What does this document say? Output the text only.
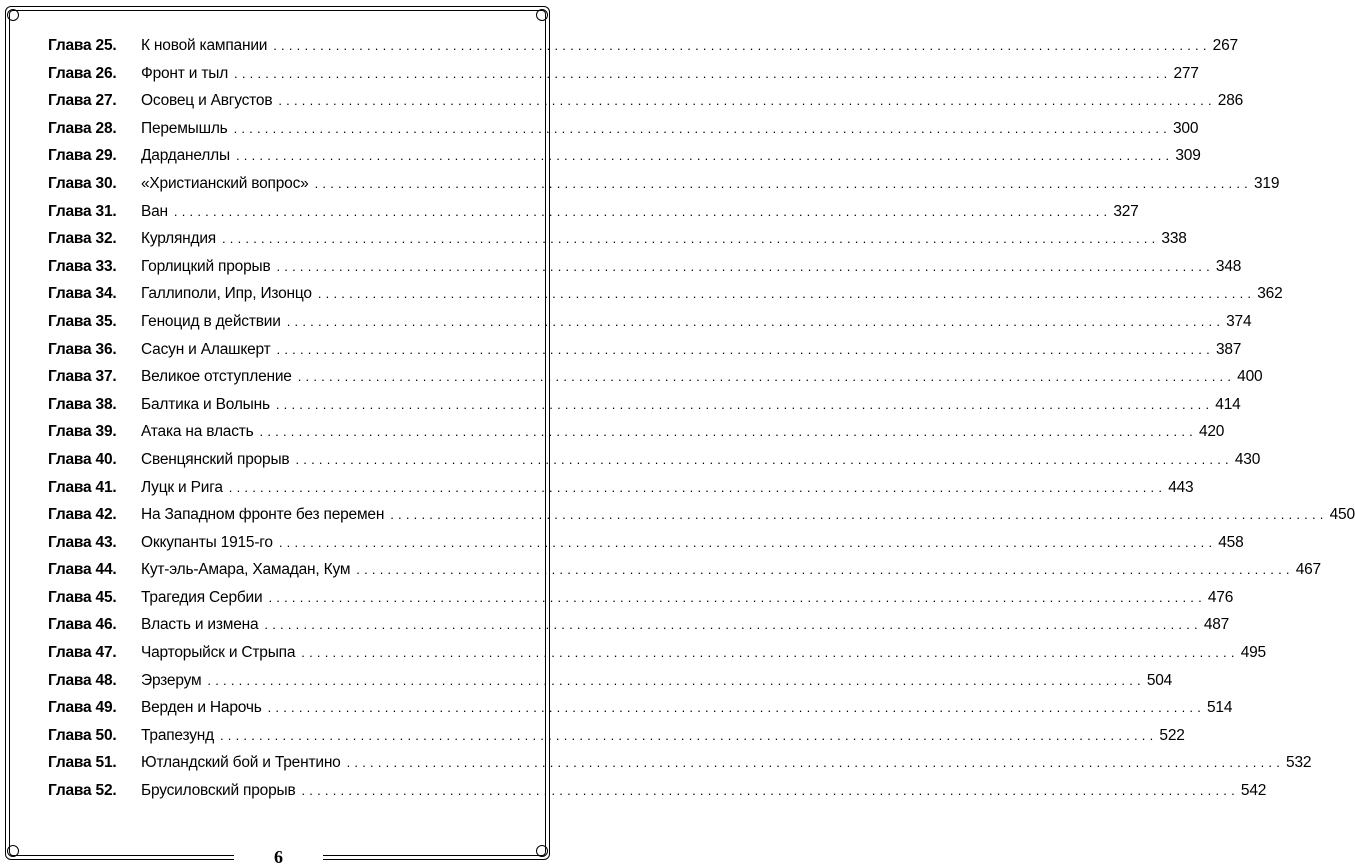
Глава 25.	К новой кампании ........................................................................................................................ 267
Глава 26.	Фронт и тыл ........................................................................................................................ 277
Глава 27.	Осовец и Августов ........................................................................................................................ 286
Глава 28.	Перемышль ........................................................................................................................ 300
Глава 29.	Дарданеллы ........................................................................................................................ 309
Глава 30.	«Христианский вопрос» ........................................................................................................................ 319
Глава 31.	Ван ........................................................................................................................ 327
Глава 32.	Курляндия ........................................................................................................................ 338
Глава 33.	Горлицкий прорыв ........................................................................................................................ 348
Глава 34.	Галлиполи, Ипр, Изонцо ........................................................................................................................ 362
Глава 35.	Геноцид в действии ........................................................................................................................ 374
Глава 36.	Сасун и Алашкерт ........................................................................................................................ 387
Глава 37.	Великое отступление ........................................................................................................................ 400
Глава 38.	Балтика и Волынь ........................................................................................................................ 414
Глава 39.	Атака на власть ........................................................................................................................ 420
Глава 40.	Свенцянский прорыв ........................................................................................................................ 430
Глава 41.	Луцк и Рига ........................................................................................................................ 443
Глава 42.	На Западном фронте без перемен ........................................................................................................................ 450
Глава 43.	Оккупанты 1915-го ........................................................................................................................ 458
Глава 44.	Кут-эль-Амара, Хамадан, Кум ........................................................................................................................ 467
Глава 45.	Трагедия Сербии ........................................................................................................................ 476
Глава 46.	Власть и измена ........................................................................................................................ 487
Глава 47.	Чарторыйск и Стрыпа ........................................................................................................................ 495
Глава 48.	Эрзерум ........................................................................................................................ 504
Глава 49.	Верден и Нарочь ........................................................................................................................ 514
Глава 50.	Трапезунд ........................................................................................................................ 522
Глава 51.	Ютландский бой и Трентино ........................................................................................................................ 532
Глава 52.	Брусиловский прорыв ........................................................................................................................ 542
6
